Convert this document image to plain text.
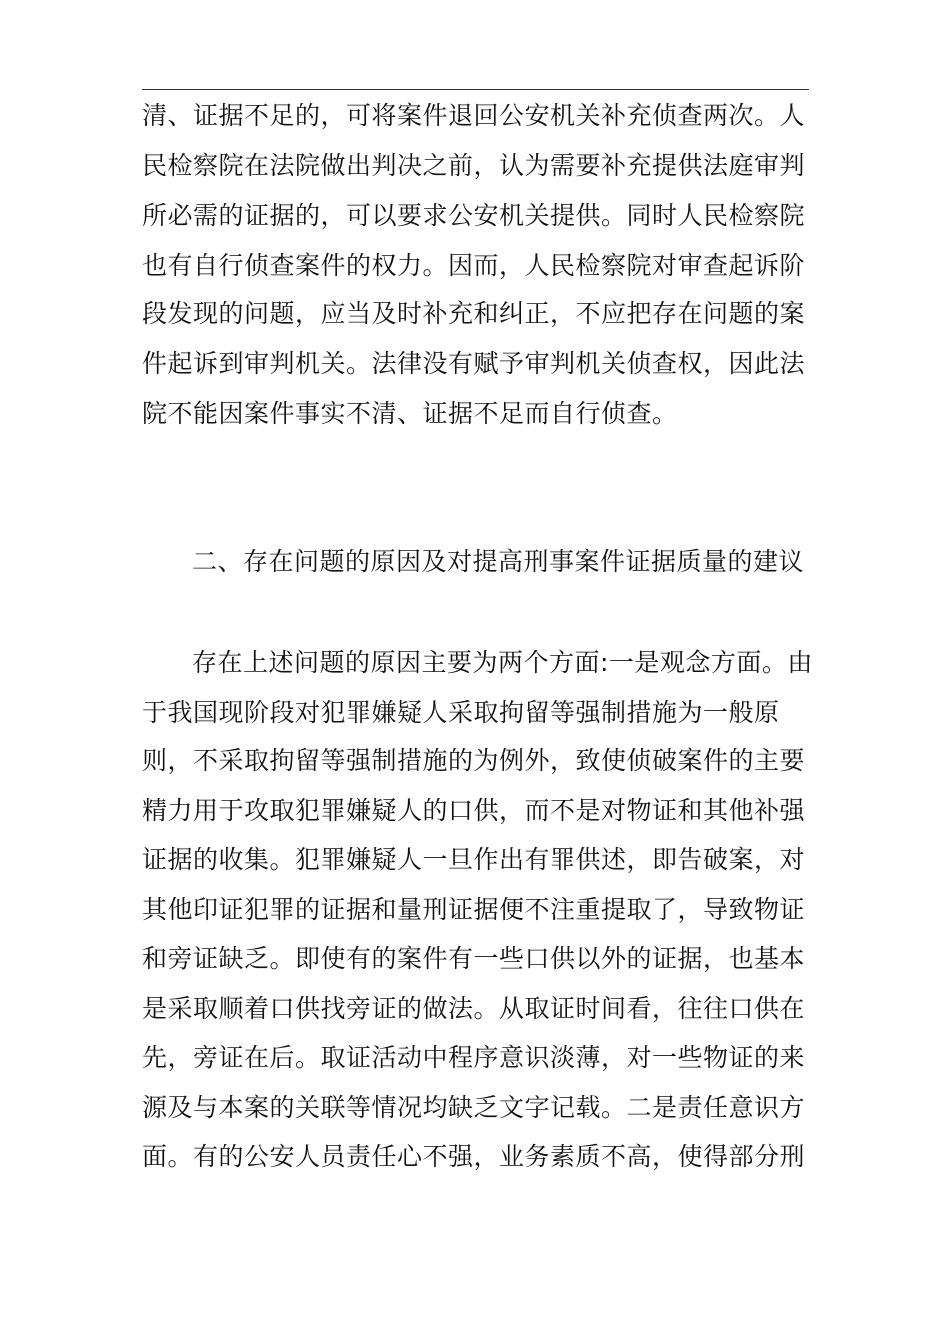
清、证据不足的，可将案件退回公安机关补充侦查两次。人
民检察院在法院做出判决之前，认为需要补充提供法庭审判
所必需的证据的，可以要求公安机关提供。同时人民检察院
也有自行侦查案件的权力。因而，人民检察院对审查起诉阶
段发现的问题，应当及时补充和纠正，不应把存在问题的案
件起诉到审判机关。法律没有赋予审判机关侦查权，因此法
院不能因案件事实不清、证据不足而自行侦查。
二、存在问题的原因及对提高刑事案件证据质量的建议
存在上述问题的原因主要为两个方面:一是观念方面。由
于我国现阶段对犯罪嫌疑人采取拘留等强制措施为一般原
则，不采取拘留等强制措施的为例外，致使侦破案件的主要
精力用于攻取犯罪嫌疑人的口供，而不是对物证和其他补强
证据的收集。犯罪嫌疑人一旦作出有罪供述，即告破案，对
其他印证犯罪的证据和量刑证据便不注重提取了，导致物证
和旁证缺乏。即使有的案件有一些口供以外的证据，也基本
是采取顺着口供找旁证的做法。从取证时间看，往往口供在
先，旁证在后。取证活动中程序意识淡薄，对一些物证的来
源及与本案的关联等情况均缺乏文字记载。二是责任意识方
面。有的公安人员责任心不强，业务素质不高，使得部分刑
